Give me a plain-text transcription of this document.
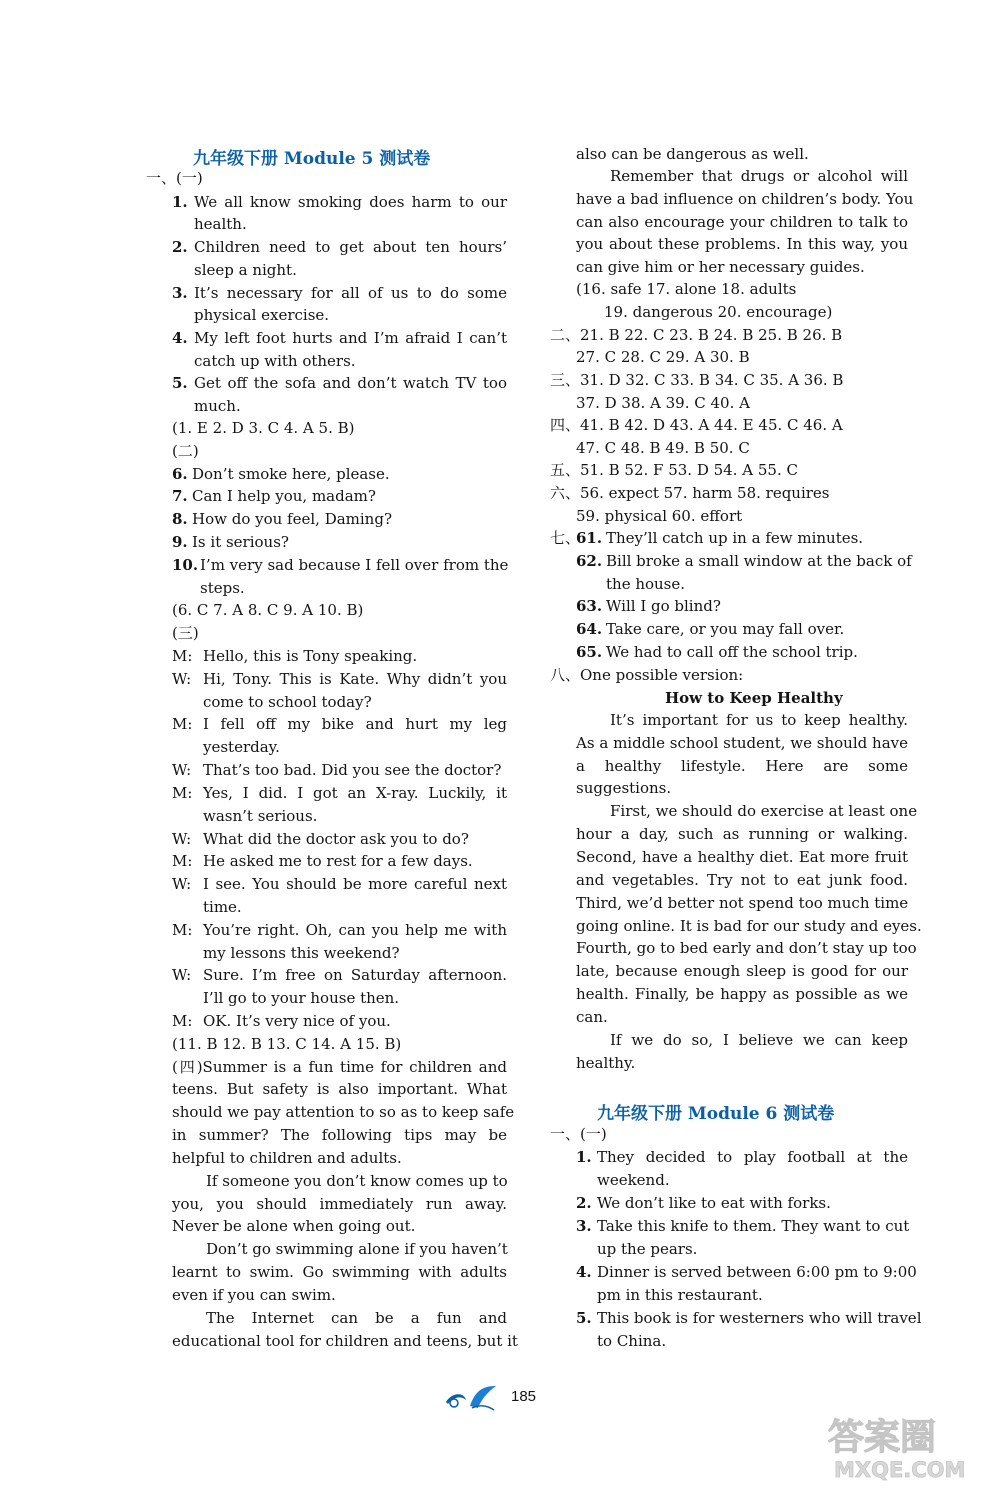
九年级下册 Module 5 测试卷
一、(一)
1. We all know smoking does harm to our
health.
2. Children need to get about ten hours’
sleep a night.
3. It’s necessary for all of us to do some
physical exercise.
4. My left foot hurts and I’m afraid I can’t
catch up with others.
5. Get off the sofa and don’t watch TV too
much.
(1. E 2. D 3. C 4. A 5. B)
(二)
6. Don’t smoke here, please.
7. Can I help you, madam?
8. How do you feel, Daming?
9. Is it serious?
10. I’m very sad because I fell over from the
steps.
(6. C 7. A 8. C 9. A 10. B)
(三)
M: Hello, this is Tony speaking.
W: Hi, Tony. This is Kate. Why didn’t you
come to school today?
M: I fell off my bike and hurt my leg
yesterday.
W: That’s too bad. Did you see the doctor?
M: Yes, I did. I got an X-ray. Luckily, it
wasn’t serious.
W: What did the doctor ask you to do?
M: He asked me to rest for a few days.
W: I see. You should be more careful next
time.
M: You’re right. Oh, can you help me with
my lessons this weekend?
W: Sure. I’m free on Saturday afternoon.
I’ll go to your house then.
M: OK. It’s very nice of you.
(11. B 12. B 13. C 14. A 15. B)
(四)Summer is a fun time for children and
teens. But safety is also important. What
should we pay attention to so as to keep safe
in summer? The following tips may be
helpful to children and adults.
If someone you don’t know comes up to
you, you should immediately run away.
Never be alone when going out.
Don’t go swimming alone if you haven’t
learnt to swim. Go swimming with adults
even if you can swim.
The Internet can be a fun and
educational tool for children and teens, but it
also can be dangerous as well.
Remember that drugs or alcohol will
have a bad influence on children’s body. You
can also encourage your children to talk to
you about these problems. In this way, you
can give him or her necessary guides.
(16. safe 17. alone 18. adults
19. dangerous 20. encourage)
二、21. B 22. C 23. B 24. B 25. B 26. B
27. C 28. C 29. A 30. B
三、31. D 32. C 33. B 34. C 35. A 36. B
37. D 38. A 39. C 40. A
四、41. B 42. D 43. A 44. E 45. C 46. A
47. C 48. B 49. B 50. C
五、51. B 52. F 53. D 54. A 55. C
六、56. expect 57. harm 58. requires
59. physical 60. effort
七、
61. They’ll catch up in a few minutes.
62. Bill broke a small window at the back of
the house.
63. Will I go blind?
64. Take care, or you may fall over.
65. We had to call off the school trip.
八、One possible version:
How to Keep Healthy
It’s important for us to keep healthy.
As a middle school student, we should have
a healthy lifestyle. Here are some
suggestions.
First, we should do exercise at least one
hour a day, such as running or walking.
Second, have a healthy diet. Eat more fruit
and vegetables. Try not to eat junk food.
Third, we’d better not spend too much time
going online. It is bad for our study and eyes.
Fourth, go to bed early and don’t stay up too
late, because enough sleep is good for our
health. Finally, be happy as possible as we
can.
If we do so, I believe we can keep
healthy.
九年级下册 Module 6 测试卷
一、(一)
1. They decided to play football at the
weekend.
2. We don’t like to eat with forks.
3. Take this knife to them. They want to cut
up the pears.
4. Dinner is served between 6:00 pm to 9:00
pm in this restaurant.
5. This book is for westerners who will travel
to China.
185
答案圈
MXQE.COM
